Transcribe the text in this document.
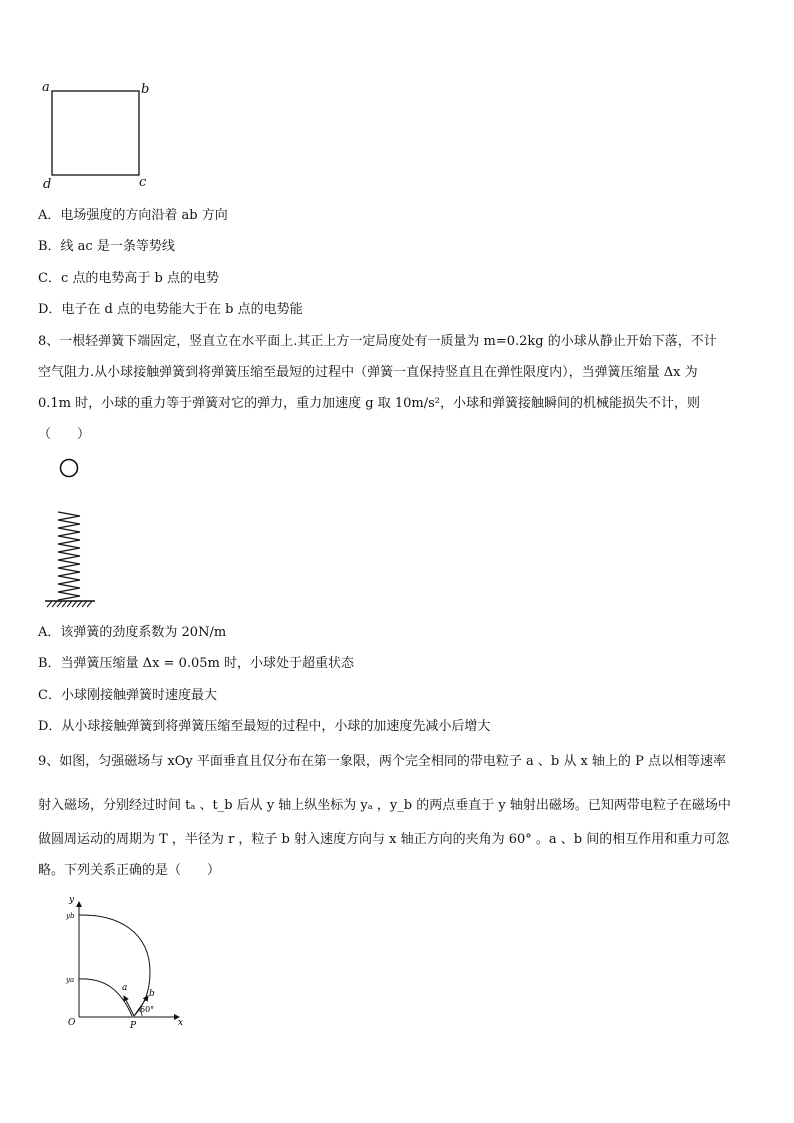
a	b
c
d
A．电场强度的方向沿着 ab 方向
B．线 ac 是一条等势线
C．c 点的电势高于 b 点的电势
D．电子在 d 点的电势能大于在 b 点的电势能
8、一根轻弹簧下端固定，竖直立在水平面上.其正上方一定局度处有一质量为 m=0.2kg 的小球从静止开始下落，不计
空气阻力.从小球接触弹簧到将弹簧压缩至最短的过程中（弹簧一直保持竖直且在弹性限度内），当弹簧压缩量 Δx 为
0.1m 时，小球的重力等于弹簧对它的弹力，重力加速度 g 取 10m/s²，小球和弹簧接触瞬间的机械能损失不计，则
（　　）
A．该弹簧的劲度系数为 20N/m
B．当弹簧压缩量 Δx = 0.05m 时，小球处于超重状态
C．小球刚接触弹簧时速度最大
D．从小球接触弹簧到将弹簧压缩至最短的过程中，小球的加速度先减小后增大
9、如图，匀强磁场与 xOy 平面垂直且仅分布在第一象限，两个完全相同的带电粒子 a 、b 从 x 轴上的 P 点以相等速率
射入磁场，分别经过时间 tₐ 、t_b 后从 y 轴上纵坐标为 yₐ ，y_b 的两点垂直于 y 轴射出磁场。已知两带电粒子在磁场中
做圆周运动的周期为 T ，半径为 r ，粒子 b 射入速度方向与 x 轴正方向的夹角为 60° 。a 、b 间的相互作用和重力可忽
略。下列关系正确的是（　　）
y
x
O	P
yb
ya
a
b
60°
